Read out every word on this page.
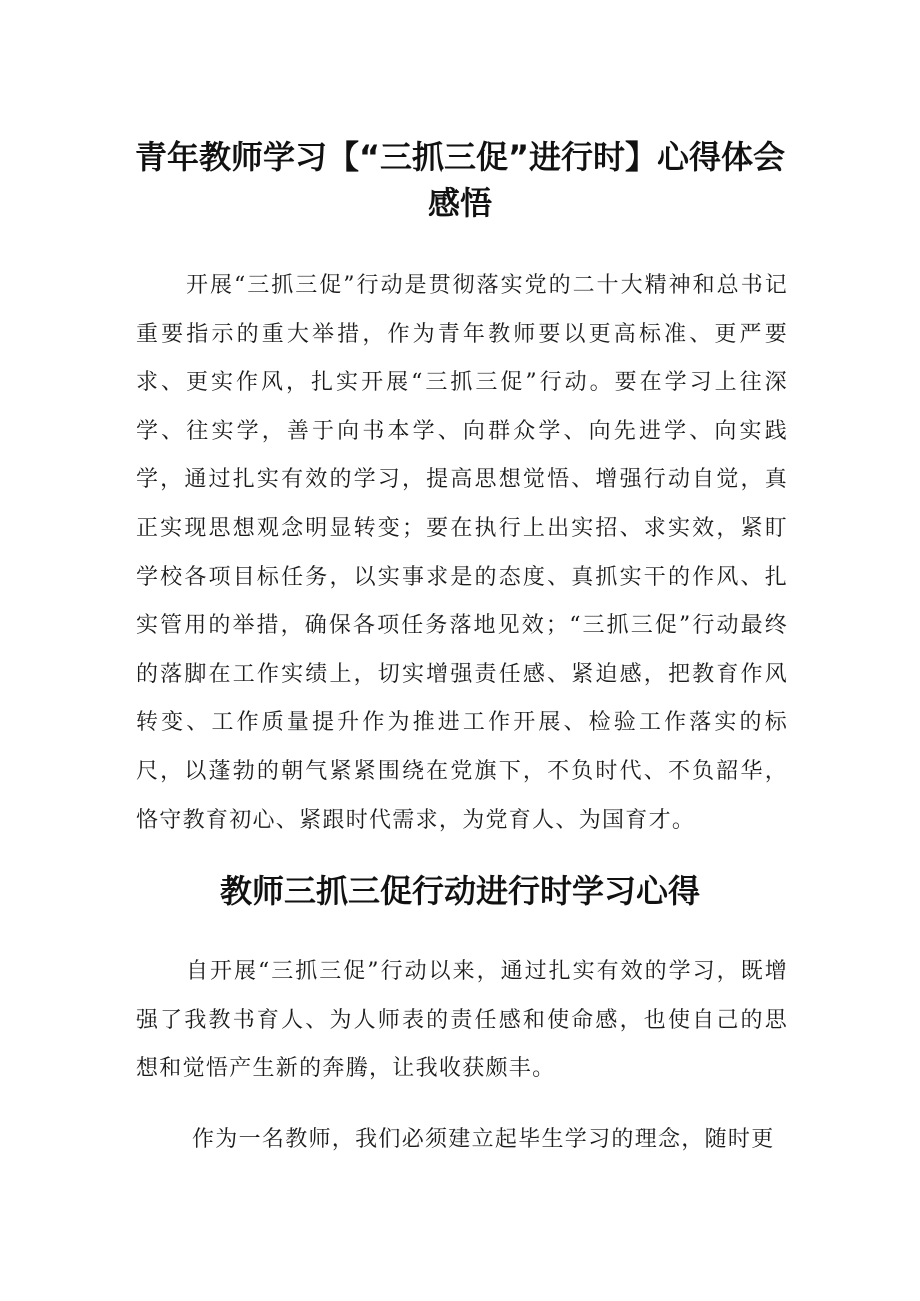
青年教师学习【“三抓三促”进行时】心得体会感悟

开展“三抓三促”行动是贯彻落实党的二十大精神和总书记重要指示的重大举措，作为青年教师要以更高标准、更严要求、更实作风，扎实开展“三抓三促”行动。要在学习上往深学、往实学，善于向书本学、向群众学、向先进学、向实践学，通过扎实有效的学习，提高思想觉悟、增强行动自觉，真正实现思想观念明显转变；要在执行上出实招、求实效，紧盯学校各项目标任务，以实事求是的态度、真抓实干的作风、扎实管用的举措，确保各项任务落地见效；“三抓三促”行动最终的落脚在工作实绩上，切实增强责任感、紧迫感，把教育作风转变、工作质量提升作为推进工作开展、检验工作落实的标尺，以蓬勃的朝气紧紧围绕在党旗下，不负时代、不负韶华，恪守教育初心、紧跟时代需求，为党育人、为国育才。

教师三抓三促行动进行时学习心得

自开展“三抓三促”行动以来，通过扎实有效的学习，既增强了我教书育人、为人师表的责任感和使命感，也使自己的思想和觉悟产生新的奔腾，让我收获颇丰。

作为一名教师，我们必须建立起毕生学习的理念，随时更
